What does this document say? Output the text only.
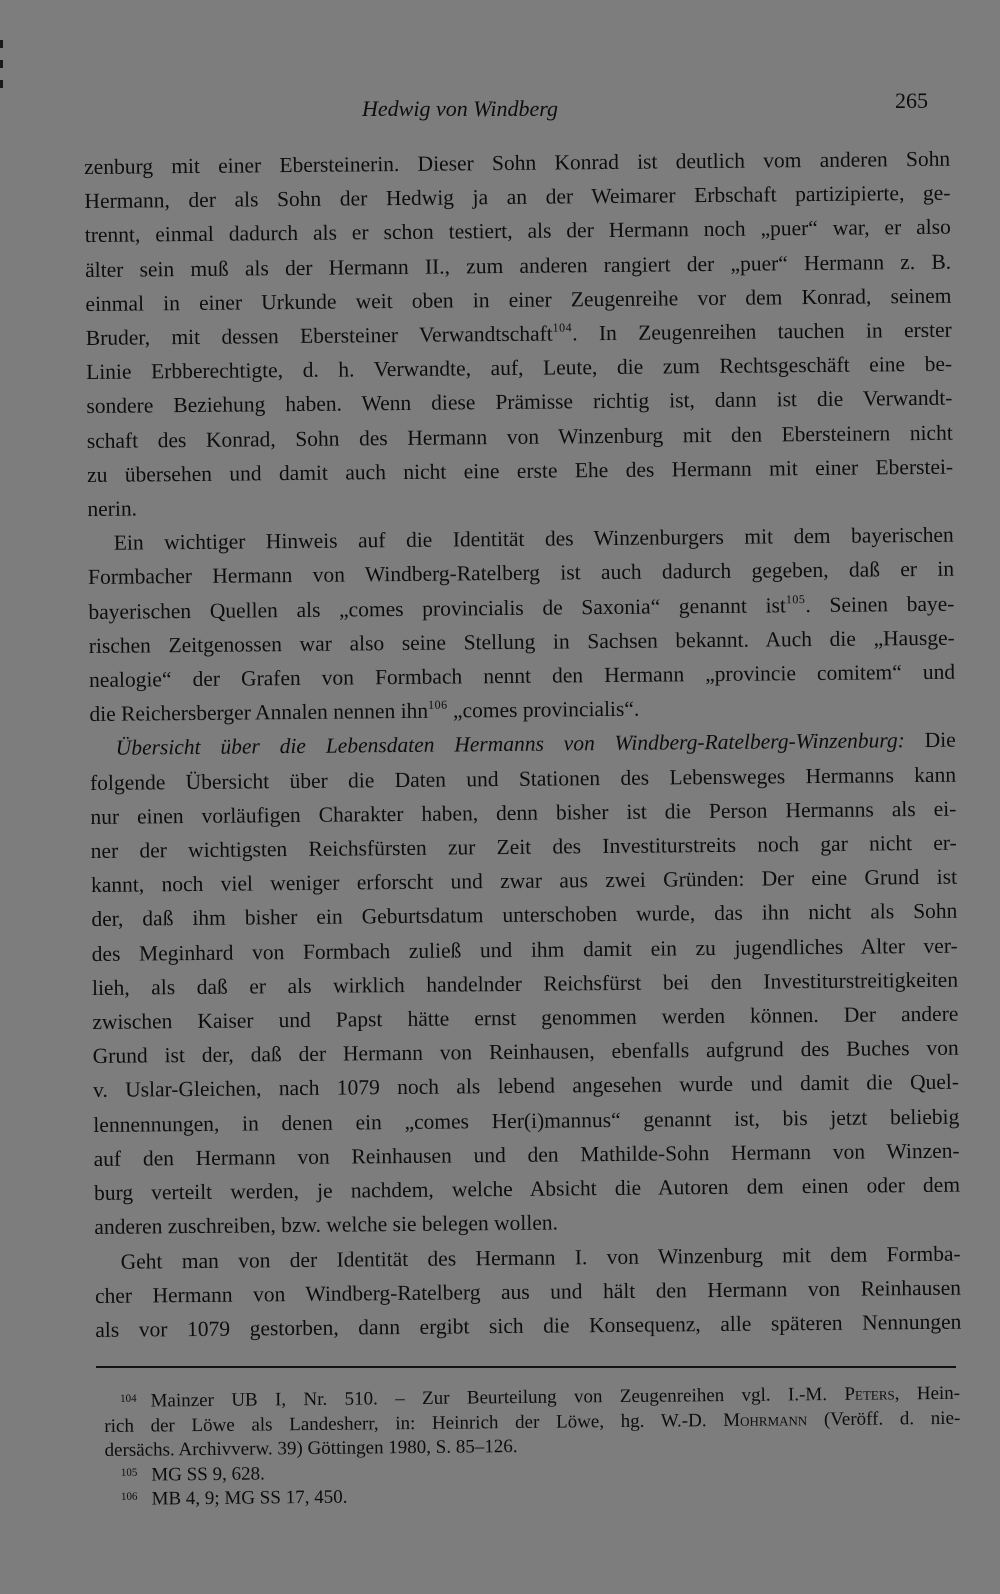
Hedwig von Windberg	265
zenburg mit einer Ebersteinerin. Dieser Sohn Konrad ist deutlich vom anderen Sohn
Hermann, der als Sohn der Hedwig ja an der Weimarer Erbschaft partizipierte, ge-
trennt, einmal dadurch als er schon testiert, als der Hermann noch „puer“ war, er also
älter sein muß als der Hermann II., zum anderen rangiert der „puer“ Hermann z. B.
einmal in einer Urkunde weit oben in einer Zeugenreihe vor dem Konrad, seinem
Bruder, mit dessen Ebersteiner Verwandtschaft$^{104}$. In Zeugenreihen tauchen in erster
Linie Erbberechtigte, d. h. Verwandte, auf, Leute, die zum Rechtsgeschäft eine be-
sondere Beziehung haben. Wenn diese Prämisse richtig ist, dann ist die Verwandt-
schaft des Konrad, Sohn des Hermann von Winzenburg mit den Ebersteinern nicht
zu übersehen und damit auch nicht eine erste Ehe des Hermann mit einer Eberstei-
nerin.
Ein wichtiger Hinweis auf die Identität des Winzenburgers mit dem bayerischen
Formbacher Hermann von Windberg-Ratelberg ist auch dadurch gegeben, daß er in
bayerischen Quellen als „comes provincialis de Saxonia“ genannt ist$^{105}$. Seinen baye-
rischen Zeitgenossen war also seine Stellung in Sachsen bekannt. Auch die „Hausge-
nealogie“ der Grafen von Formbach nennt den Hermann „provincie comitem“ und
die Reichersberger Annalen nennen ihn$^{106}$ „comes provincialis“.
Übersicht über die Lebensdaten Hermanns von Windberg-Ratelberg-Winzenburg: Die
folgende Übersicht über die Daten und Stationen des Lebensweges Hermanns kann
nur einen vorläufigen Charakter haben, denn bisher ist die Person Hermanns als ei-
ner der wichtigsten Reichsfürsten zur Zeit des Investiturstreits noch gar nicht er-
kannt, noch viel weniger erforscht und zwar aus zwei Gründen: Der eine Grund ist
der, daß ihm bisher ein Geburtsdatum unterschoben wurde, das ihn nicht als Sohn
des Meginhard von Formbach zuließ und ihm damit ein zu jugendliches Alter ver-
lieh, als daß er als wirklich handelnder Reichsfürst bei den Investiturstreitigkeiten
zwischen Kaiser und Papst hätte ernst genommen werden können. Der andere
Grund ist der, daß der Hermann von Reinhausen, ebenfalls aufgrund des Buches von
v. Uslar-Gleichen, nach 1079 noch als lebend angesehen wurde und damit die Quel-
lennennungen, in denen ein „comes Her(i)mannus“ genannt ist, bis jetzt beliebig
auf den Hermann von Reinhausen und den Mathilde-Sohn Hermann von Winzen-
burg verteilt werden, je nachdem, welche Absicht die Autoren dem einen oder dem
anderen zuschreiben, bzw. welche sie belegen wollen.
Geht man von der Identität des Hermann I. von Winzenburg mit dem Formba-
cher Hermann von Windberg-Ratelberg aus und hält den Hermann von Reinhausen
als vor 1079 gestorben, dann ergibt sich die Konsequenz, alle späteren Nennungen
$^{104}$ Mainzer UB I, Nr. 510. – Zur Beurteilung von Zeugenreihen vgl. I.-M. Peters, Hein-
rich der Löwe als Landesherr, in: Heinrich der Löwe, hg. W.-D. Mohrmann (Veröff. d. nie-
dersächs. Archivverw. 39) Göttingen 1980, S. 85–126.
$^{105}$ MG SS 9, 628.
$^{106}$ MB 4, 9; MG SS 17, 450.
